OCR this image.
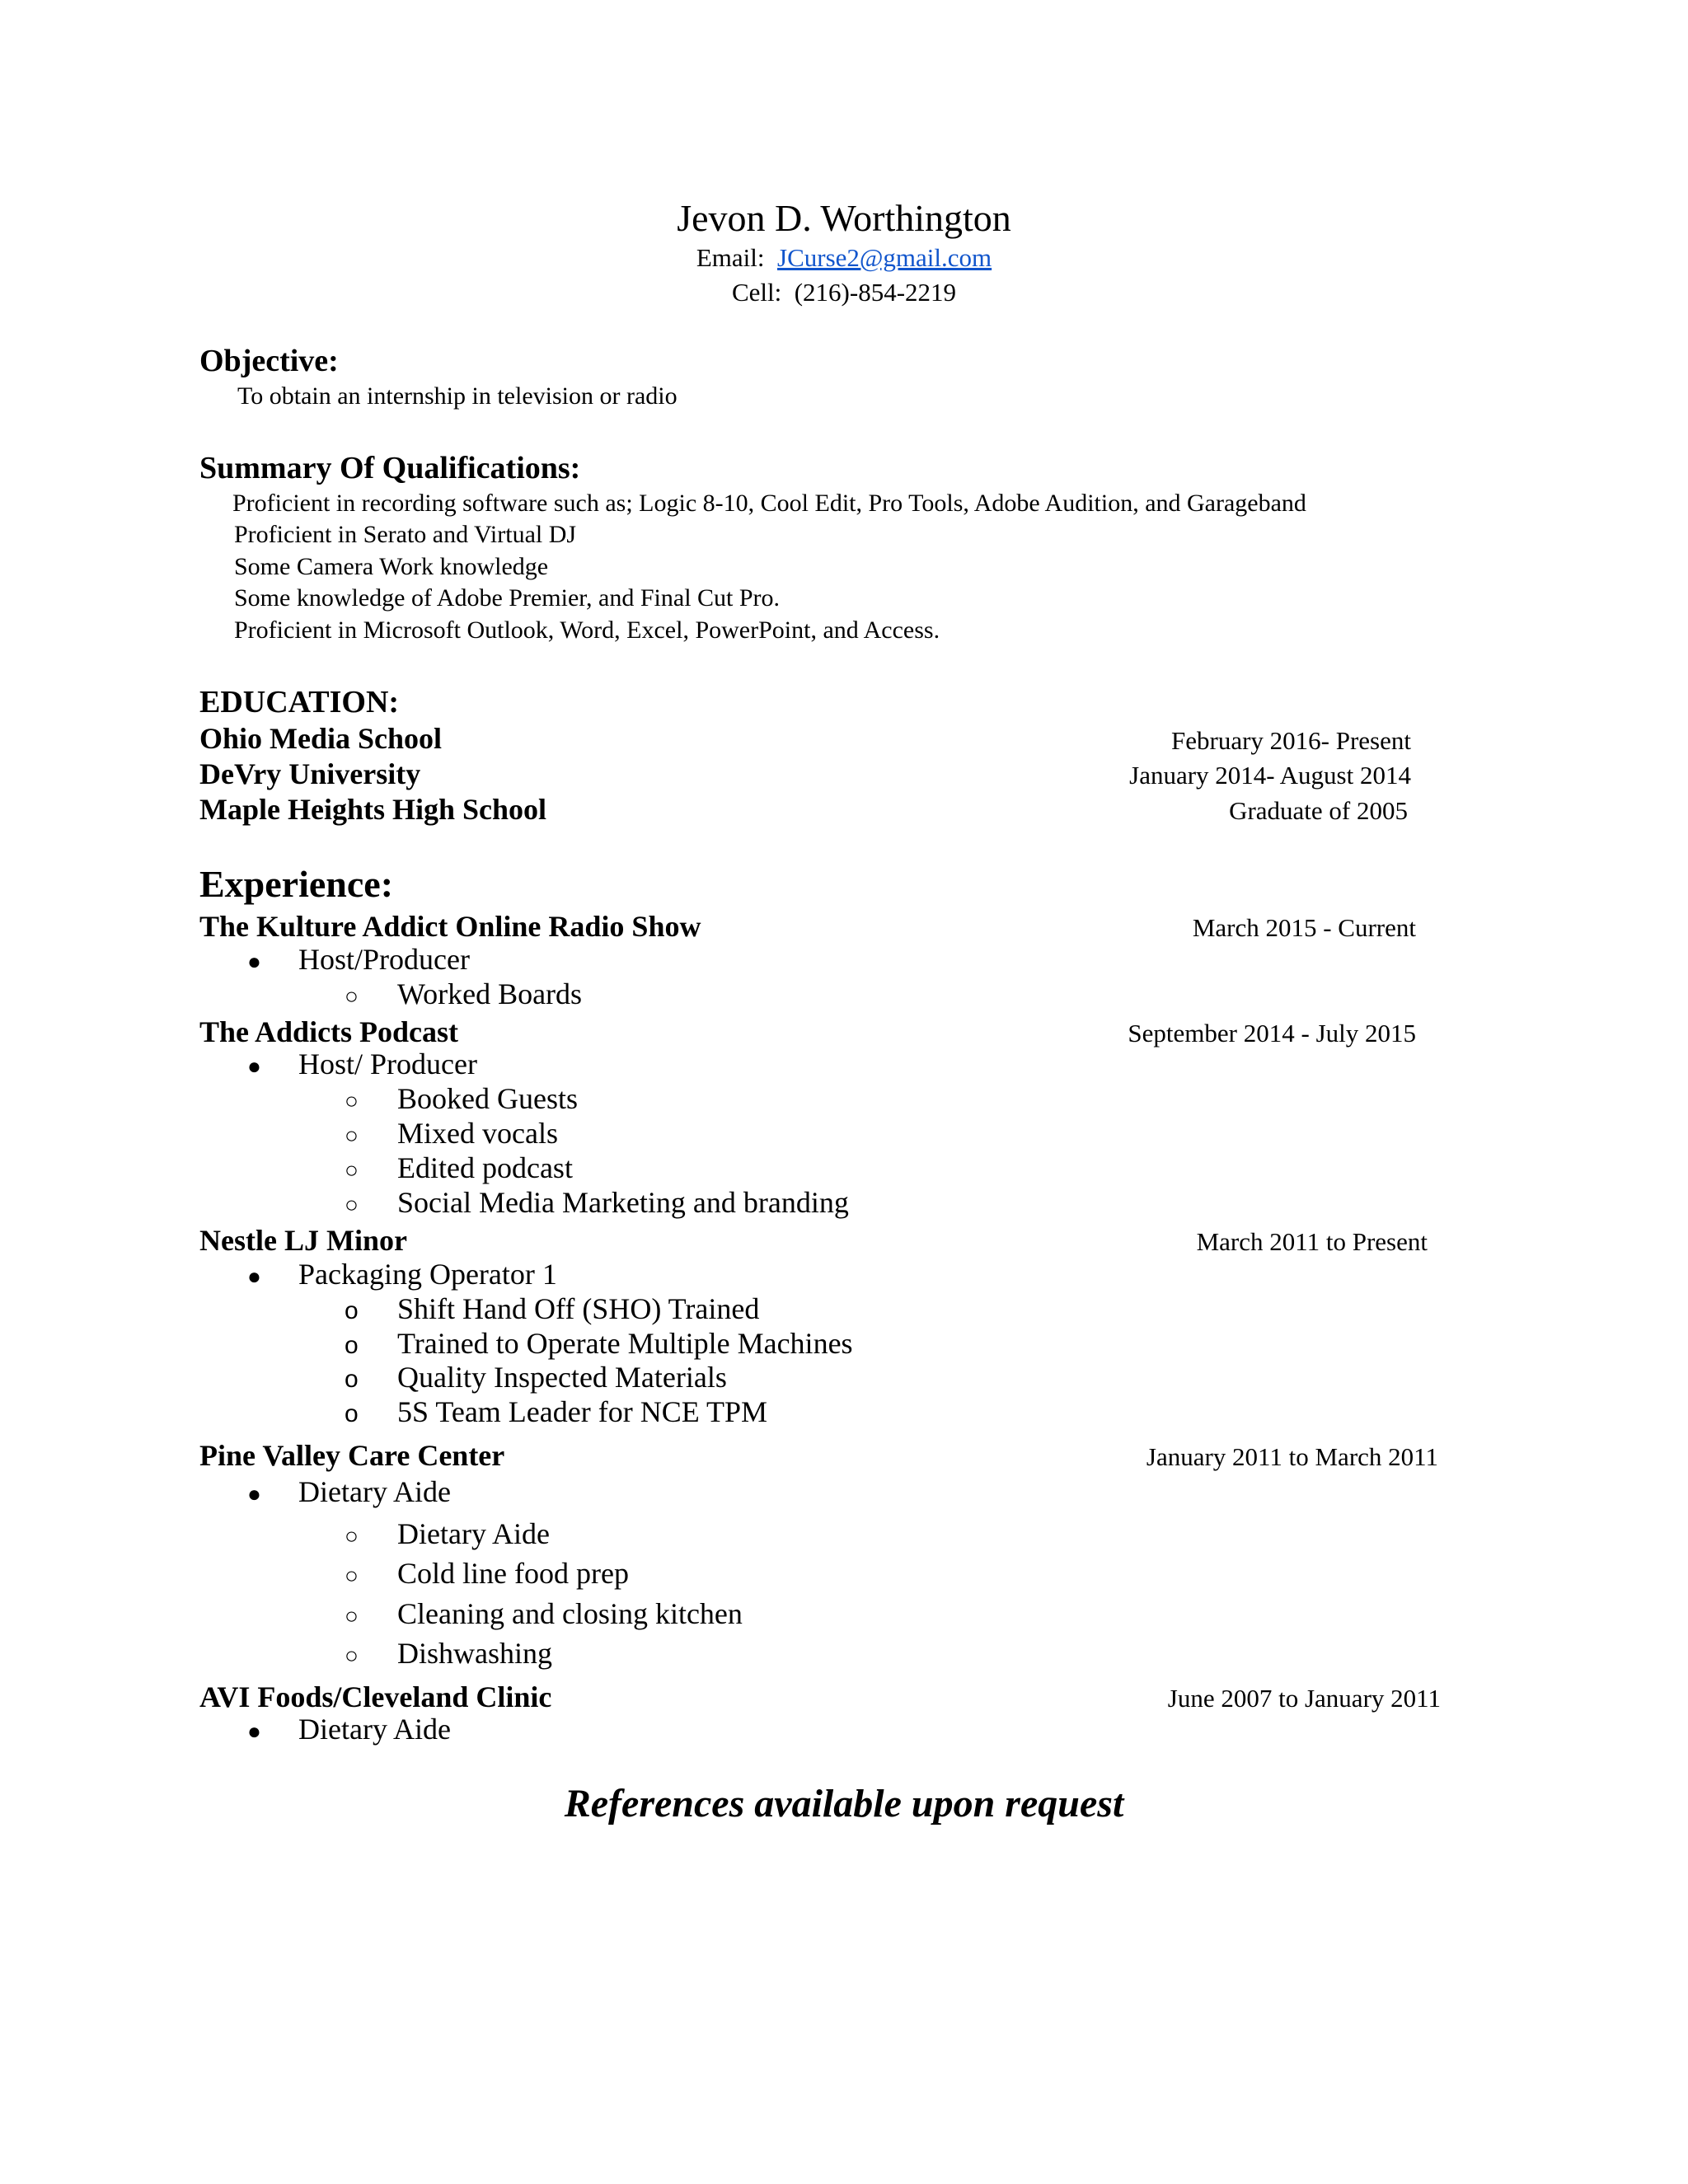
Jevon D. Worthington
Email: JCurse2@gmail.com
Cell: (216)-854-2219
Objective:
To obtain an internship in television or radio
Summary Of Qualifications:
Proficient in recording software such as; Logic 8-10, Cool Edit, Pro Tools, Adobe Audition, and Garageband
Proficient in Serato and Virtual DJ
Some Camera Work knowledge
Some knowledge of Adobe Premier, and Final Cut Pro.
Proficient in Microsoft Outlook, Word, Excel, PowerPoint, and Access.
EDUCATION:
Ohio Media School	February 2016- Present
DeVry University	January 2014- August 2014
Maple Heights High School	Graduate of 2005
Experience:
The Kulture Addict Online Radio Show	March 2015 - Current
● Host/Producer
○ Worked Boards
The Addicts Podcast	September 2014 - July 2015
● Host/ Producer
○ Booked Guests
○ Mixed vocals
○ Edited podcast
○ Social Media Marketing and branding
Nestle LJ Minor	March 2011 to Present
● Packaging Operator 1
o Shift Hand Off (SHO) Trained
o Trained to Operate Multiple Machines
o Quality Inspected Materials
o 5S Team Leader for NCE TPM
Pine Valley Care Center	January 2011 to March 2011
● Dietary Aide
○ Dietary Aide
○ Cold line food prep
○ Cleaning and closing kitchen
○ Dishwashing
AVI Foods/Cleveland Clinic	June 2007 to January 2011
● Dietary Aide
References available upon request
